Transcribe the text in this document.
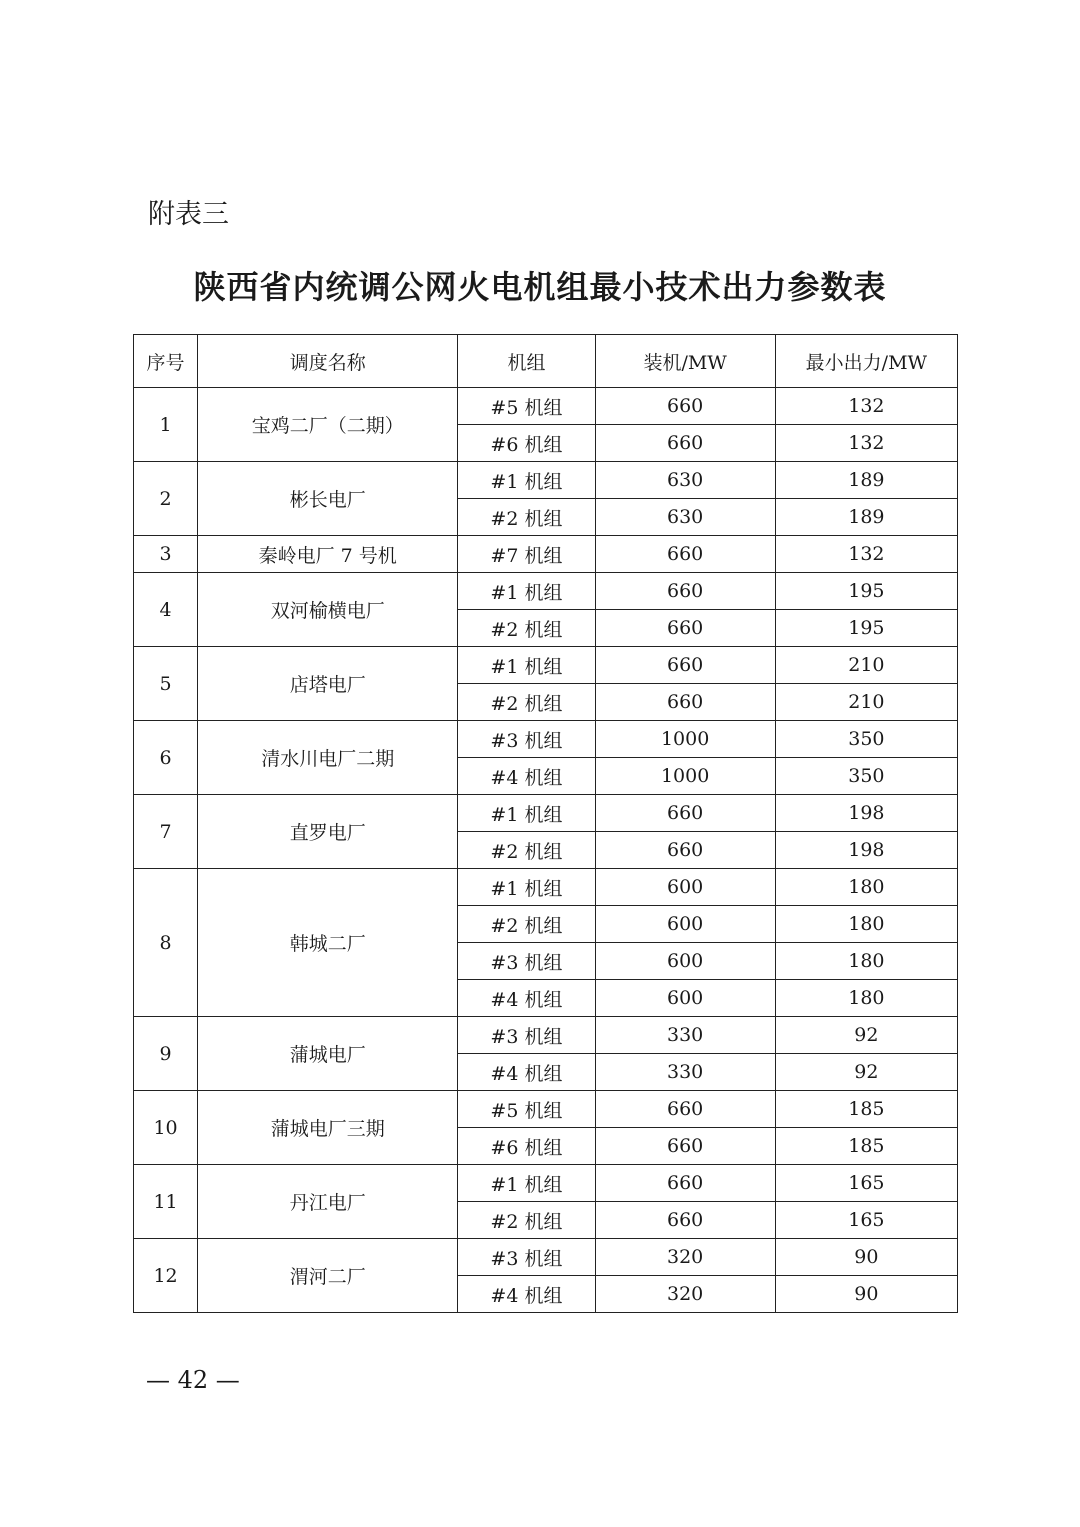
附表三
陕西省内统调公网火电机组最小技术出力参数表
序号	调度名称	机组	装机/MW	最小出力/MW
1	宝鸡二厂（二期）	#5 机组	660	132
		#6 机组	660	132
2	彬长电厂	#1 机组	630	189
		#2 机组	630	189
3	秦岭电厂 7 号机	#7 机组	660	132
4	双河榆横电厂	#1 机组	660	195
		#2 机组	660	195
5	店塔电厂	#1 机组	660	210
		#2 机组	660	210
6	清水川电厂二期	#3 机组	1000	350
		#4 机组	1000	350
7	直罗电厂	#1 机组	660	198
		#2 机组	660	198
8	韩城二厂	#1 机组	600	180
		#2 机组	600	180
		#3 机组	600	180
		#4 机组	600	180
9	蒲城电厂	#3 机组	330	92
		#4 机组	330	92
10	蒲城电厂三期	#5 机组	660	185
		#6 机组	660	185
11	丹江电厂	#1 机组	660	165
		#2 机组	660	165
12	渭河二厂	#3 机组	320	90
		#4 机组	320	90
— 42 —
